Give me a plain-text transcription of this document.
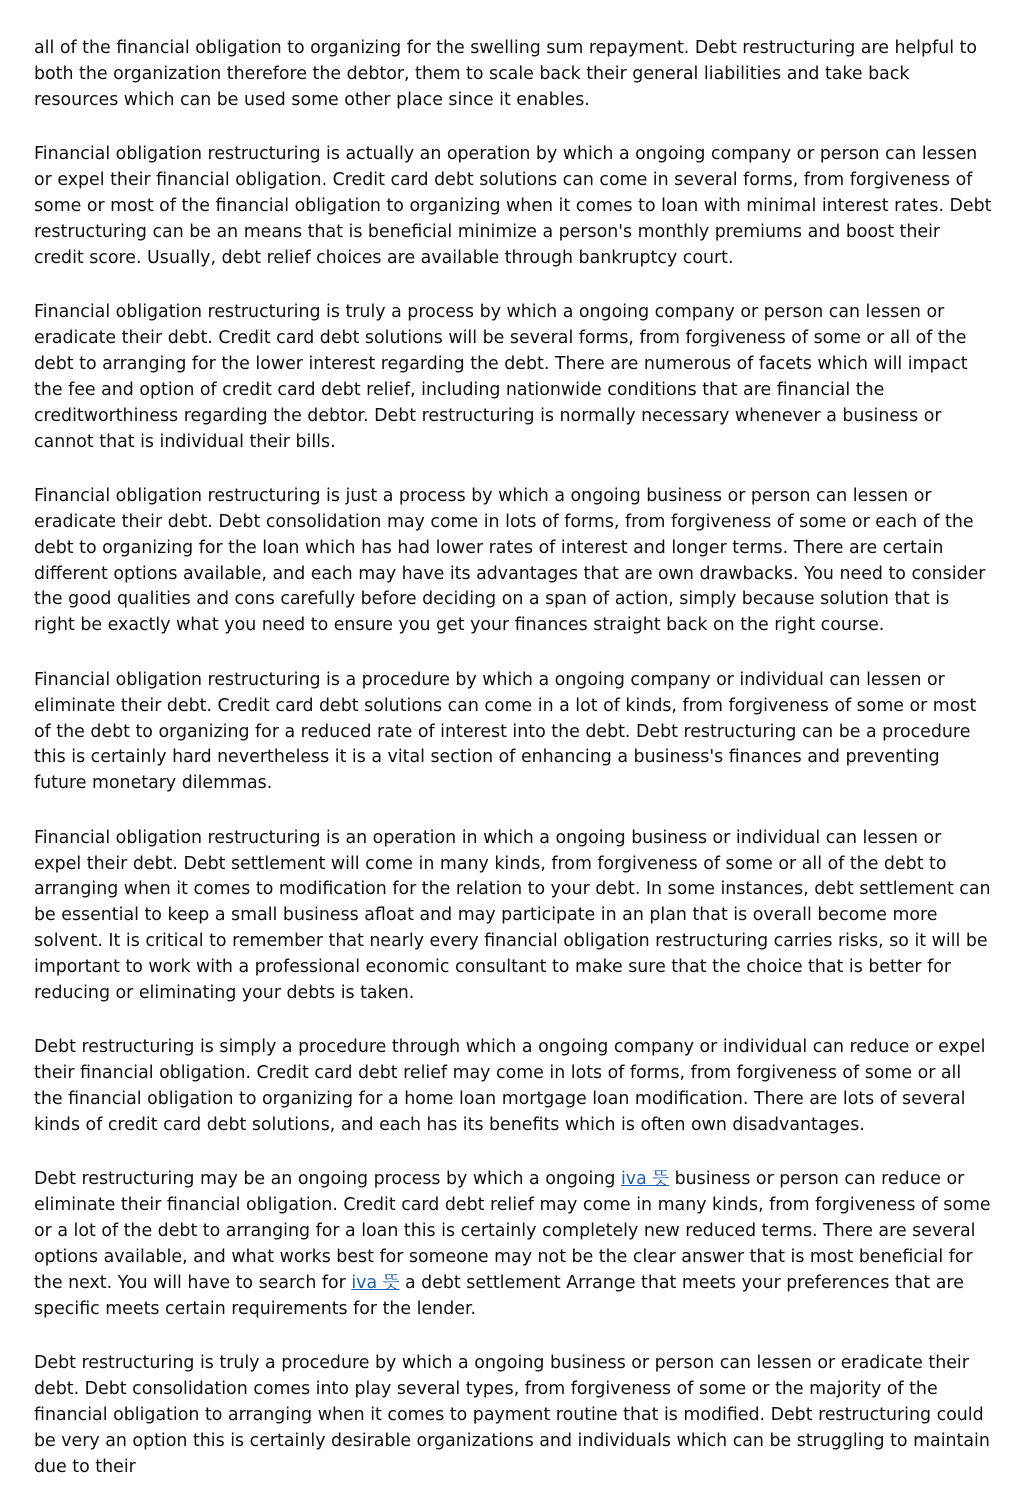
all of the financial obligation to organizing for the swelling sum repayment. Debt restructuring are helpful to both the organization therefore the debtor, them to scale back their general liabilities and take back resources which can be used some other place since it enables.

Financial obligation restructuring is actually an operation by which a ongoing company or person can lessen or expel their financial obligation. Credit card debt solutions can come in several forms, from forgiveness of some or most of the financial obligation to organizing when it comes to loan with minimal interest rates. Debt restructuring can be an means that is beneficial minimize a person's monthly premiums and boost their credit score. Usually, debt relief choices are available through bankruptcy court.

Financial obligation restructuring is truly a process by which a ongoing company or person can lessen or eradicate their debt. Credit card debt solutions will be several forms, from forgiveness of some or all of the debt to arranging for the lower interest regarding the debt. There are numerous of facets which will impact the fee and option of credit card debt relief, including nationwide conditions that are financial the creditworthiness regarding the debtor. Debt restructuring is normally necessary whenever a business or cannot that is individual their bills.

Financial obligation restructuring is just a process by which a ongoing business or person can lessen or eradicate their debt. Debt consolidation may come in lots of forms, from forgiveness of some or each of the debt to organizing for the loan which has had lower rates of interest and longer terms. There are certain different options available, and each may have its advantages that are own drawbacks. You need to consider the good qualities and cons carefully before deciding on a span of action, simply because solution that is right be exactly what you need to ensure you get your finances straight back on the right course.

Financial obligation restructuring is a procedure by which a ongoing company or individual can lessen or eliminate their debt. Credit card debt solutions can come in a lot of kinds, from forgiveness of some or most of the debt to organizing for a reduced rate of interest into the debt. Debt restructuring can be a procedure this is certainly hard nevertheless it is a vital section of enhancing a business's finances and preventing future monetary dilemmas.

Financial obligation restructuring is an operation in which a ongoing business or individual can lessen or expel their debt. Debt settlement will come in many kinds, from forgiveness of some or all of the debt to arranging when it comes to modification for the relation to your debt. In some instances, debt settlement can be essential to keep a small business afloat and may participate in an plan that is overall become more solvent. It is critical to remember that nearly every financial obligation restructuring carries risks, so it will be important to work with a professional economic consultant to make sure that the choice that is better for reducing or eliminating your debts is taken.

Debt restructuring is simply a procedure through which a ongoing company or individual can reduce or expel their financial obligation. Credit card debt relief may come in lots of forms, from forgiveness of some or all the financial obligation to organizing for a home loan mortgage loan modification. There are lots of several kinds of credit card debt solutions, and each has its benefits which is often own disadvantages.

Debt restructuring may be an ongoing process by which a ongoing iva 뜻 business or person can reduce or eliminate their financial obligation. Credit card debt relief may come in many kinds, from forgiveness of some or a lot of the debt to arranging for a loan this is certainly completely new reduced terms. There are several options available, and what works best for someone may not be the clear answer that is most beneficial for the next. You will have to search for iva 뜻 a debt settlement Arrange that meets your preferences that are specific meets certain requirements for the lender.

Debt restructuring is truly a procedure by which a ongoing business or person can lessen or eradicate their debt. Debt consolidation comes into play several types, from forgiveness of some or the majority of the financial obligation to arranging when it comes to payment routine that is modified. Debt restructuring could be very an option this is certainly desirable organizations and individuals which can be struggling to maintain due to their
